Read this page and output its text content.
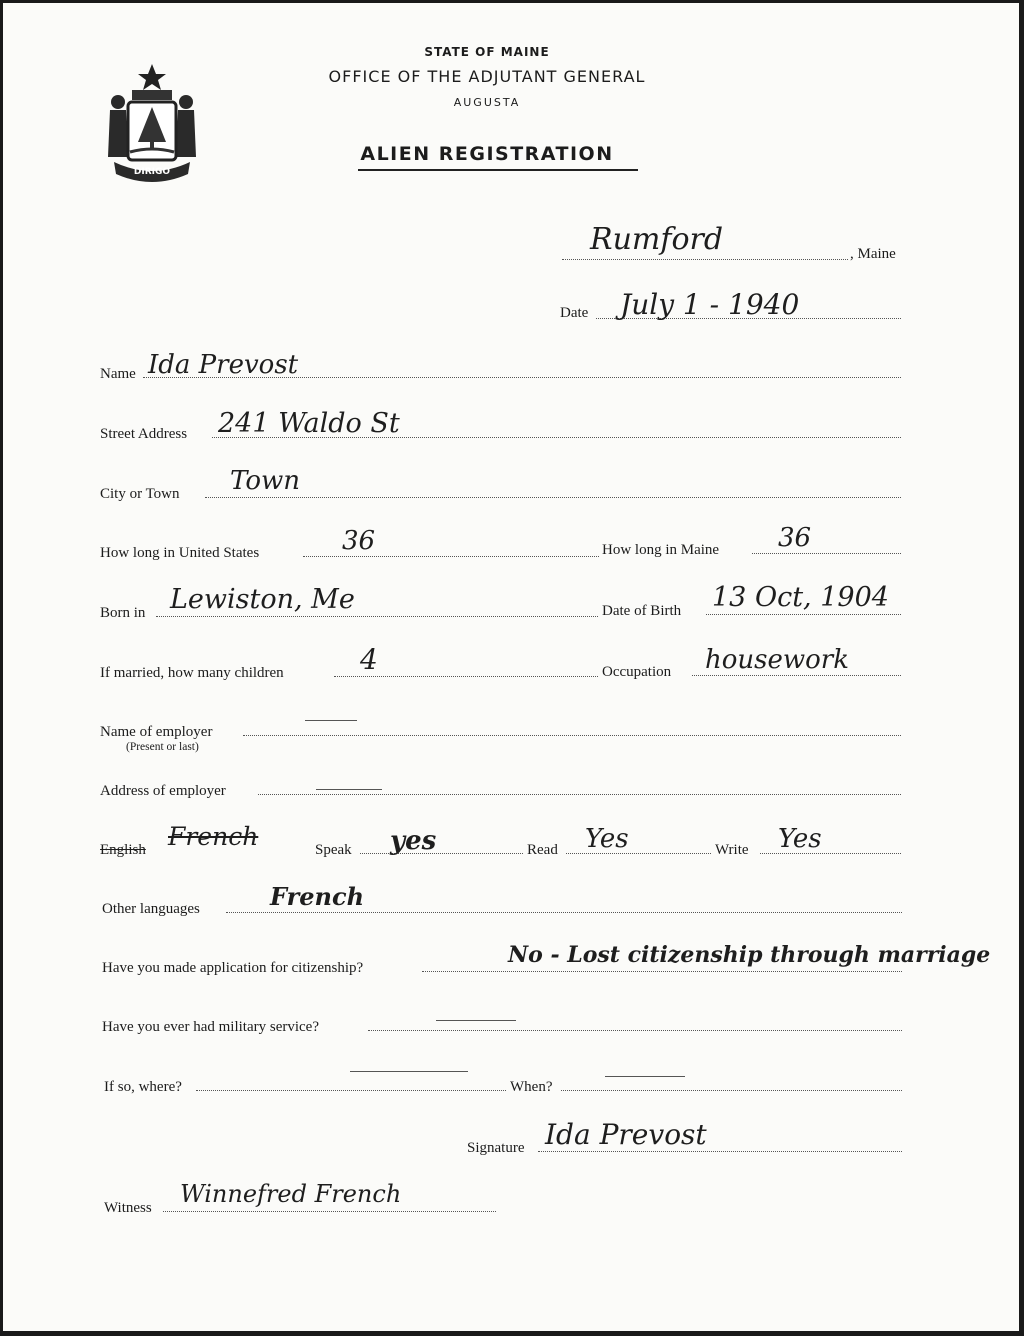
DIRIGO
STATE OF MAINE
OFFICE OF THE ADJUTANT GENERAL
AUGUSTA
ALIEN REGISTRATION
Rumford	, Maine
Date July 1 - 1940
Name Ida Prevost
Street Address 241 Waldo St
City or Town Town
How long in United States	36	How long in Maine 36
Born in Lewiston, Me	Date of Birth 13 Oct, 1904
If married, how many children	4	Occupation housework
Name of employer
(Present or last)
Address of employer
English French	Speak yes	Read Yes	Write Yes
Other languages	French
Have you made application for citizenship?	No - Lost citizenship through marriage
Have you ever had military service?
If so, where?	When?
Signature Ida Prevost
Witness Winnefred French
